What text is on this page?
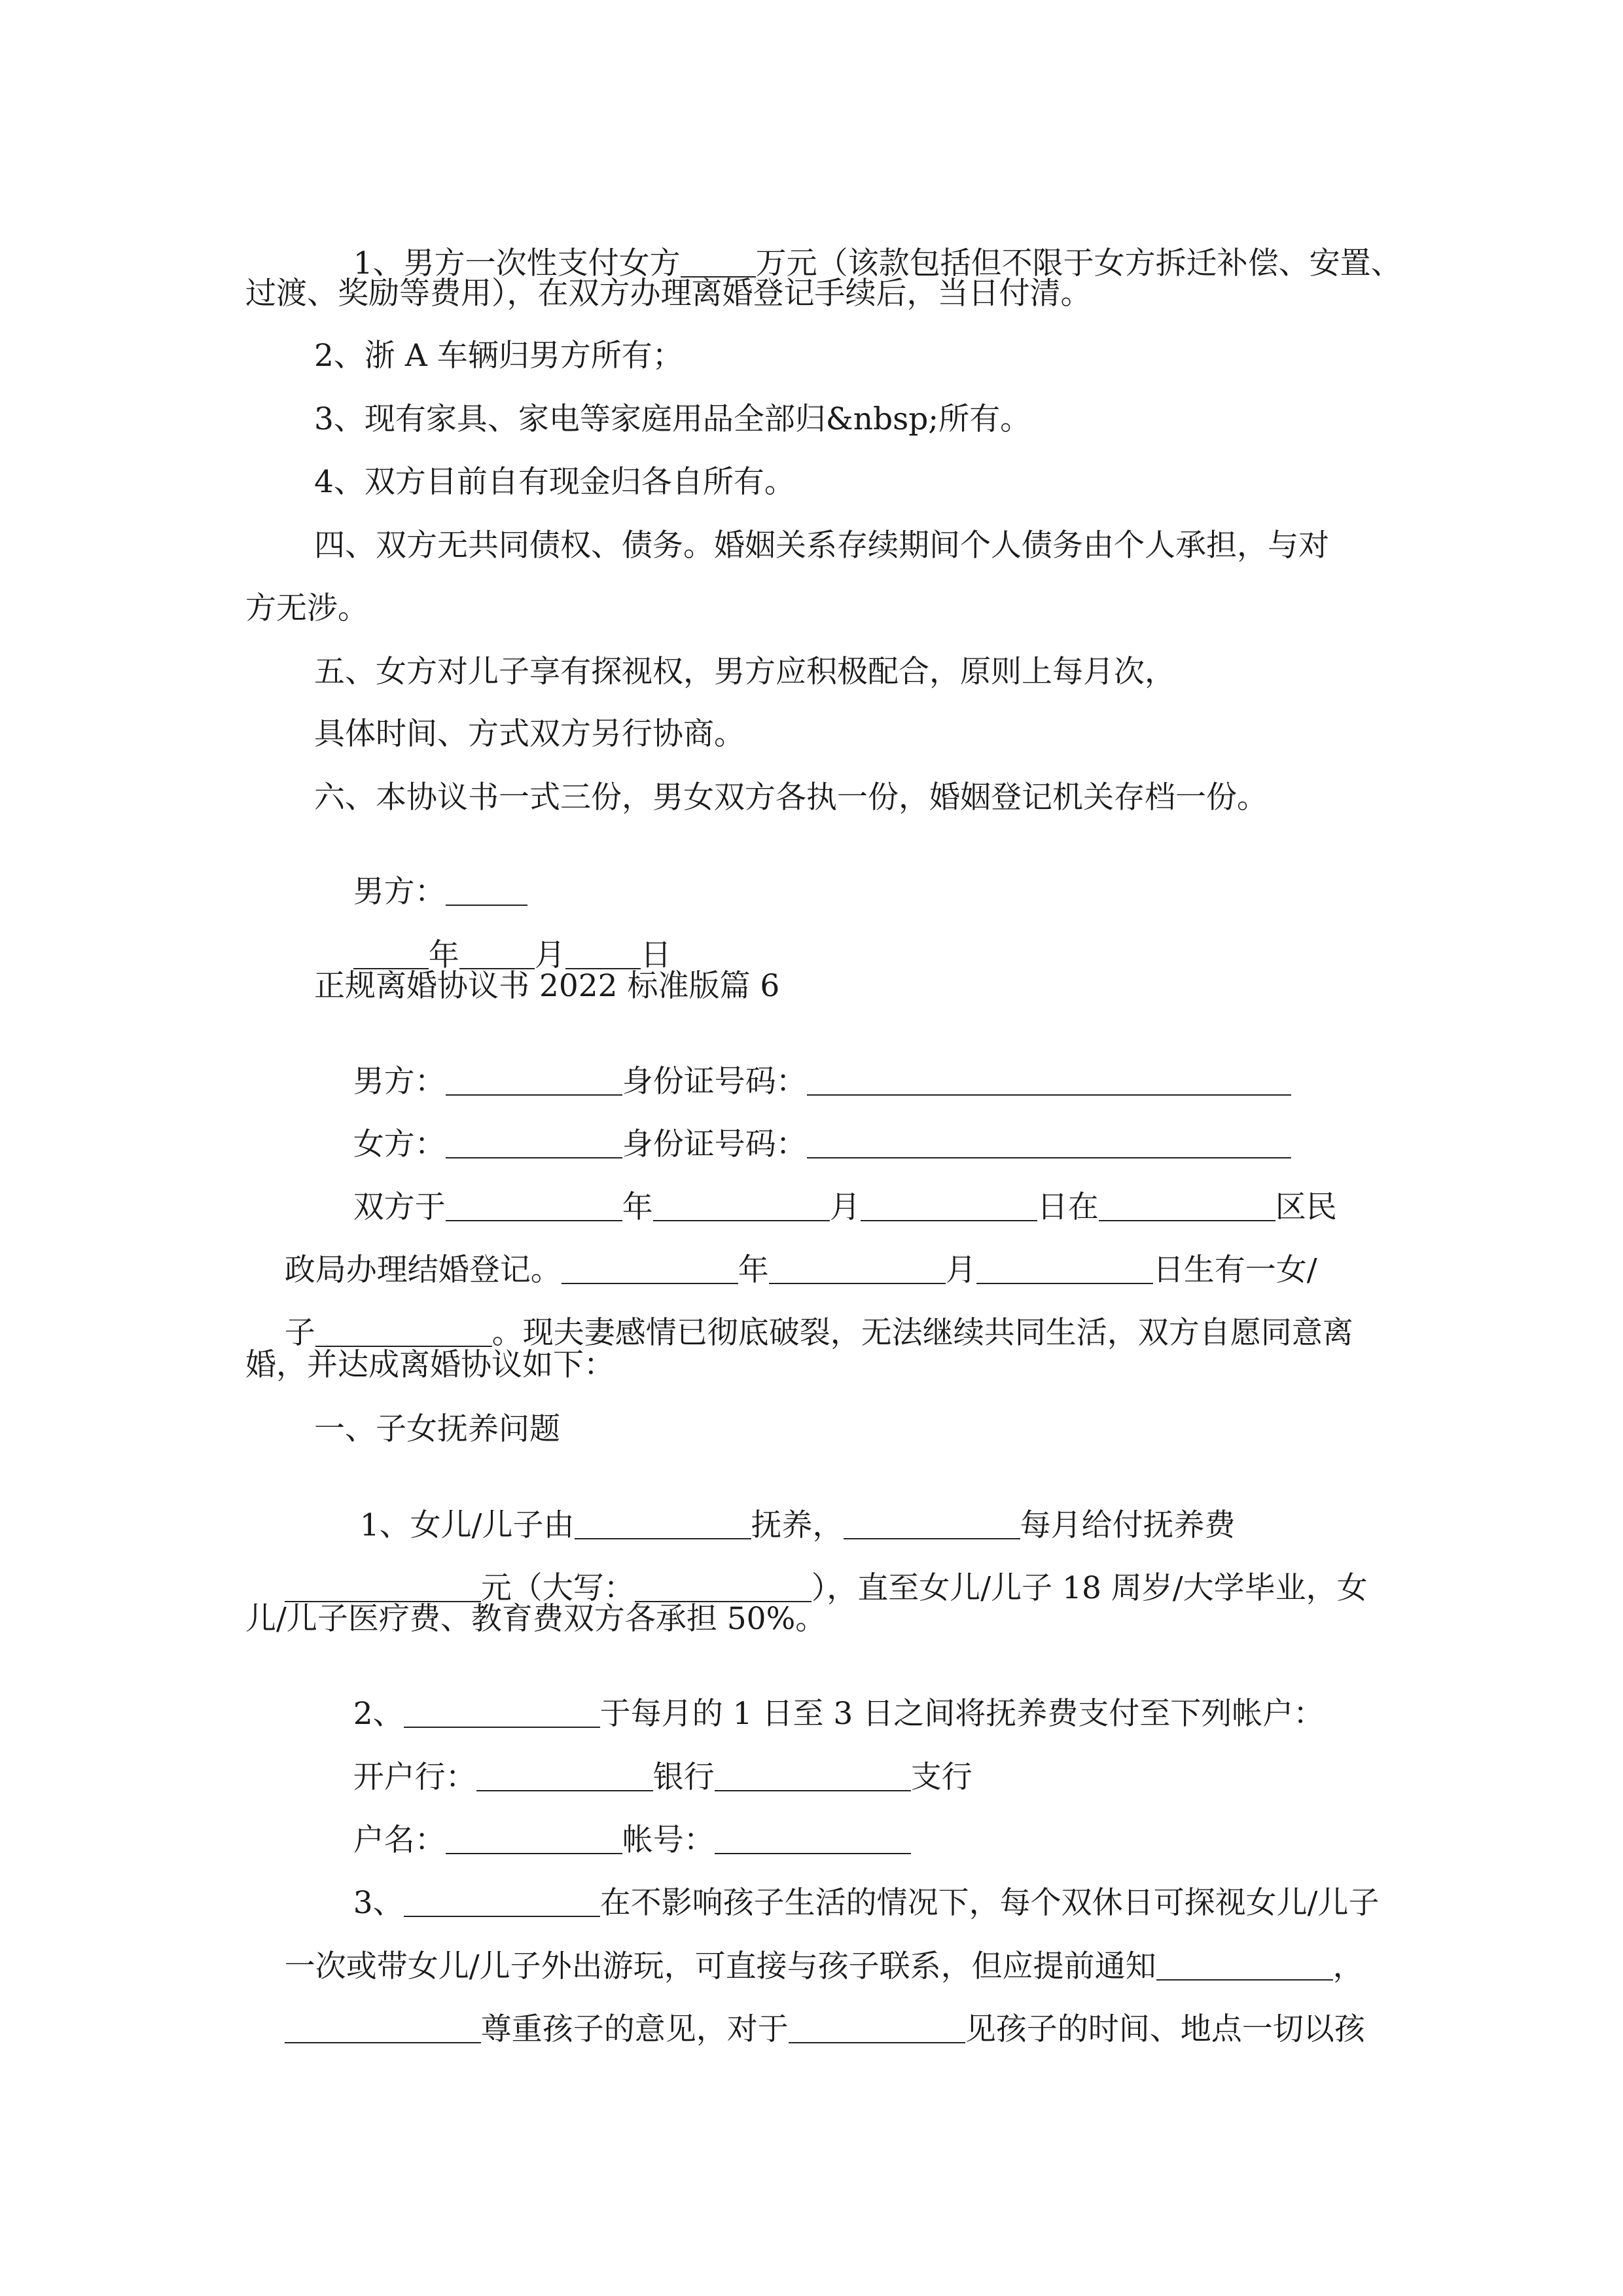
1、男方一次性支付女方 万元（该款包括但不限于女方拆迁补偿、安置、

过渡、奖励等费用），在双方办理离婚登记手续后，当日付清。
2、浙 A 车辆归男方所有；
3、现有家具、家电等家庭用品全部归&nbsp;所有。
4、双方目前自有现金归各自所有。
四、双方无共同债权、债务。婚姻关系存续期间个人债务由个人承担，与对
方无涉。
五、女方对儿子享有探视权，男方应积极配合，原则上每月次，
具体时间、方式双方另行协商。
六、本协议书一式三份，男女双方各执一份，婚姻登记机关存档一份。

男方：

年 月 日

正规离婚协议书 2022 标准版篇 6

男方：	身份证号码：

女方：	身份证号码：

双方于	年	月	日在	区民

政局办理结婚登记。	年	月	日生有一女/

子	。现夫妻感情已彻底破裂，无法继续共同生活，双方自愿同意离

婚，并达成离婚协议如下：
一、子女抚养问题

1、女儿/儿子由	抚养，	每月给付抚养费

元（大写：	），直至女儿/儿子 18 周岁/大学毕业，女

儿/儿子医疗费、教育费双方各承担 50%。

2、	于每月的 1 日至 3 日之间将抚养费支付至下列帐户：

开户行：	银行	支行

户名：	帐号：

3、	在不影响孩子生活的情况下，每个双休日可探视女儿/儿子

一次或带女儿/儿子外出游玩，可直接与孩子联系，但应提前通知	，

尊重孩子的意见，对于	见孩子的时间、地点一切以孩
